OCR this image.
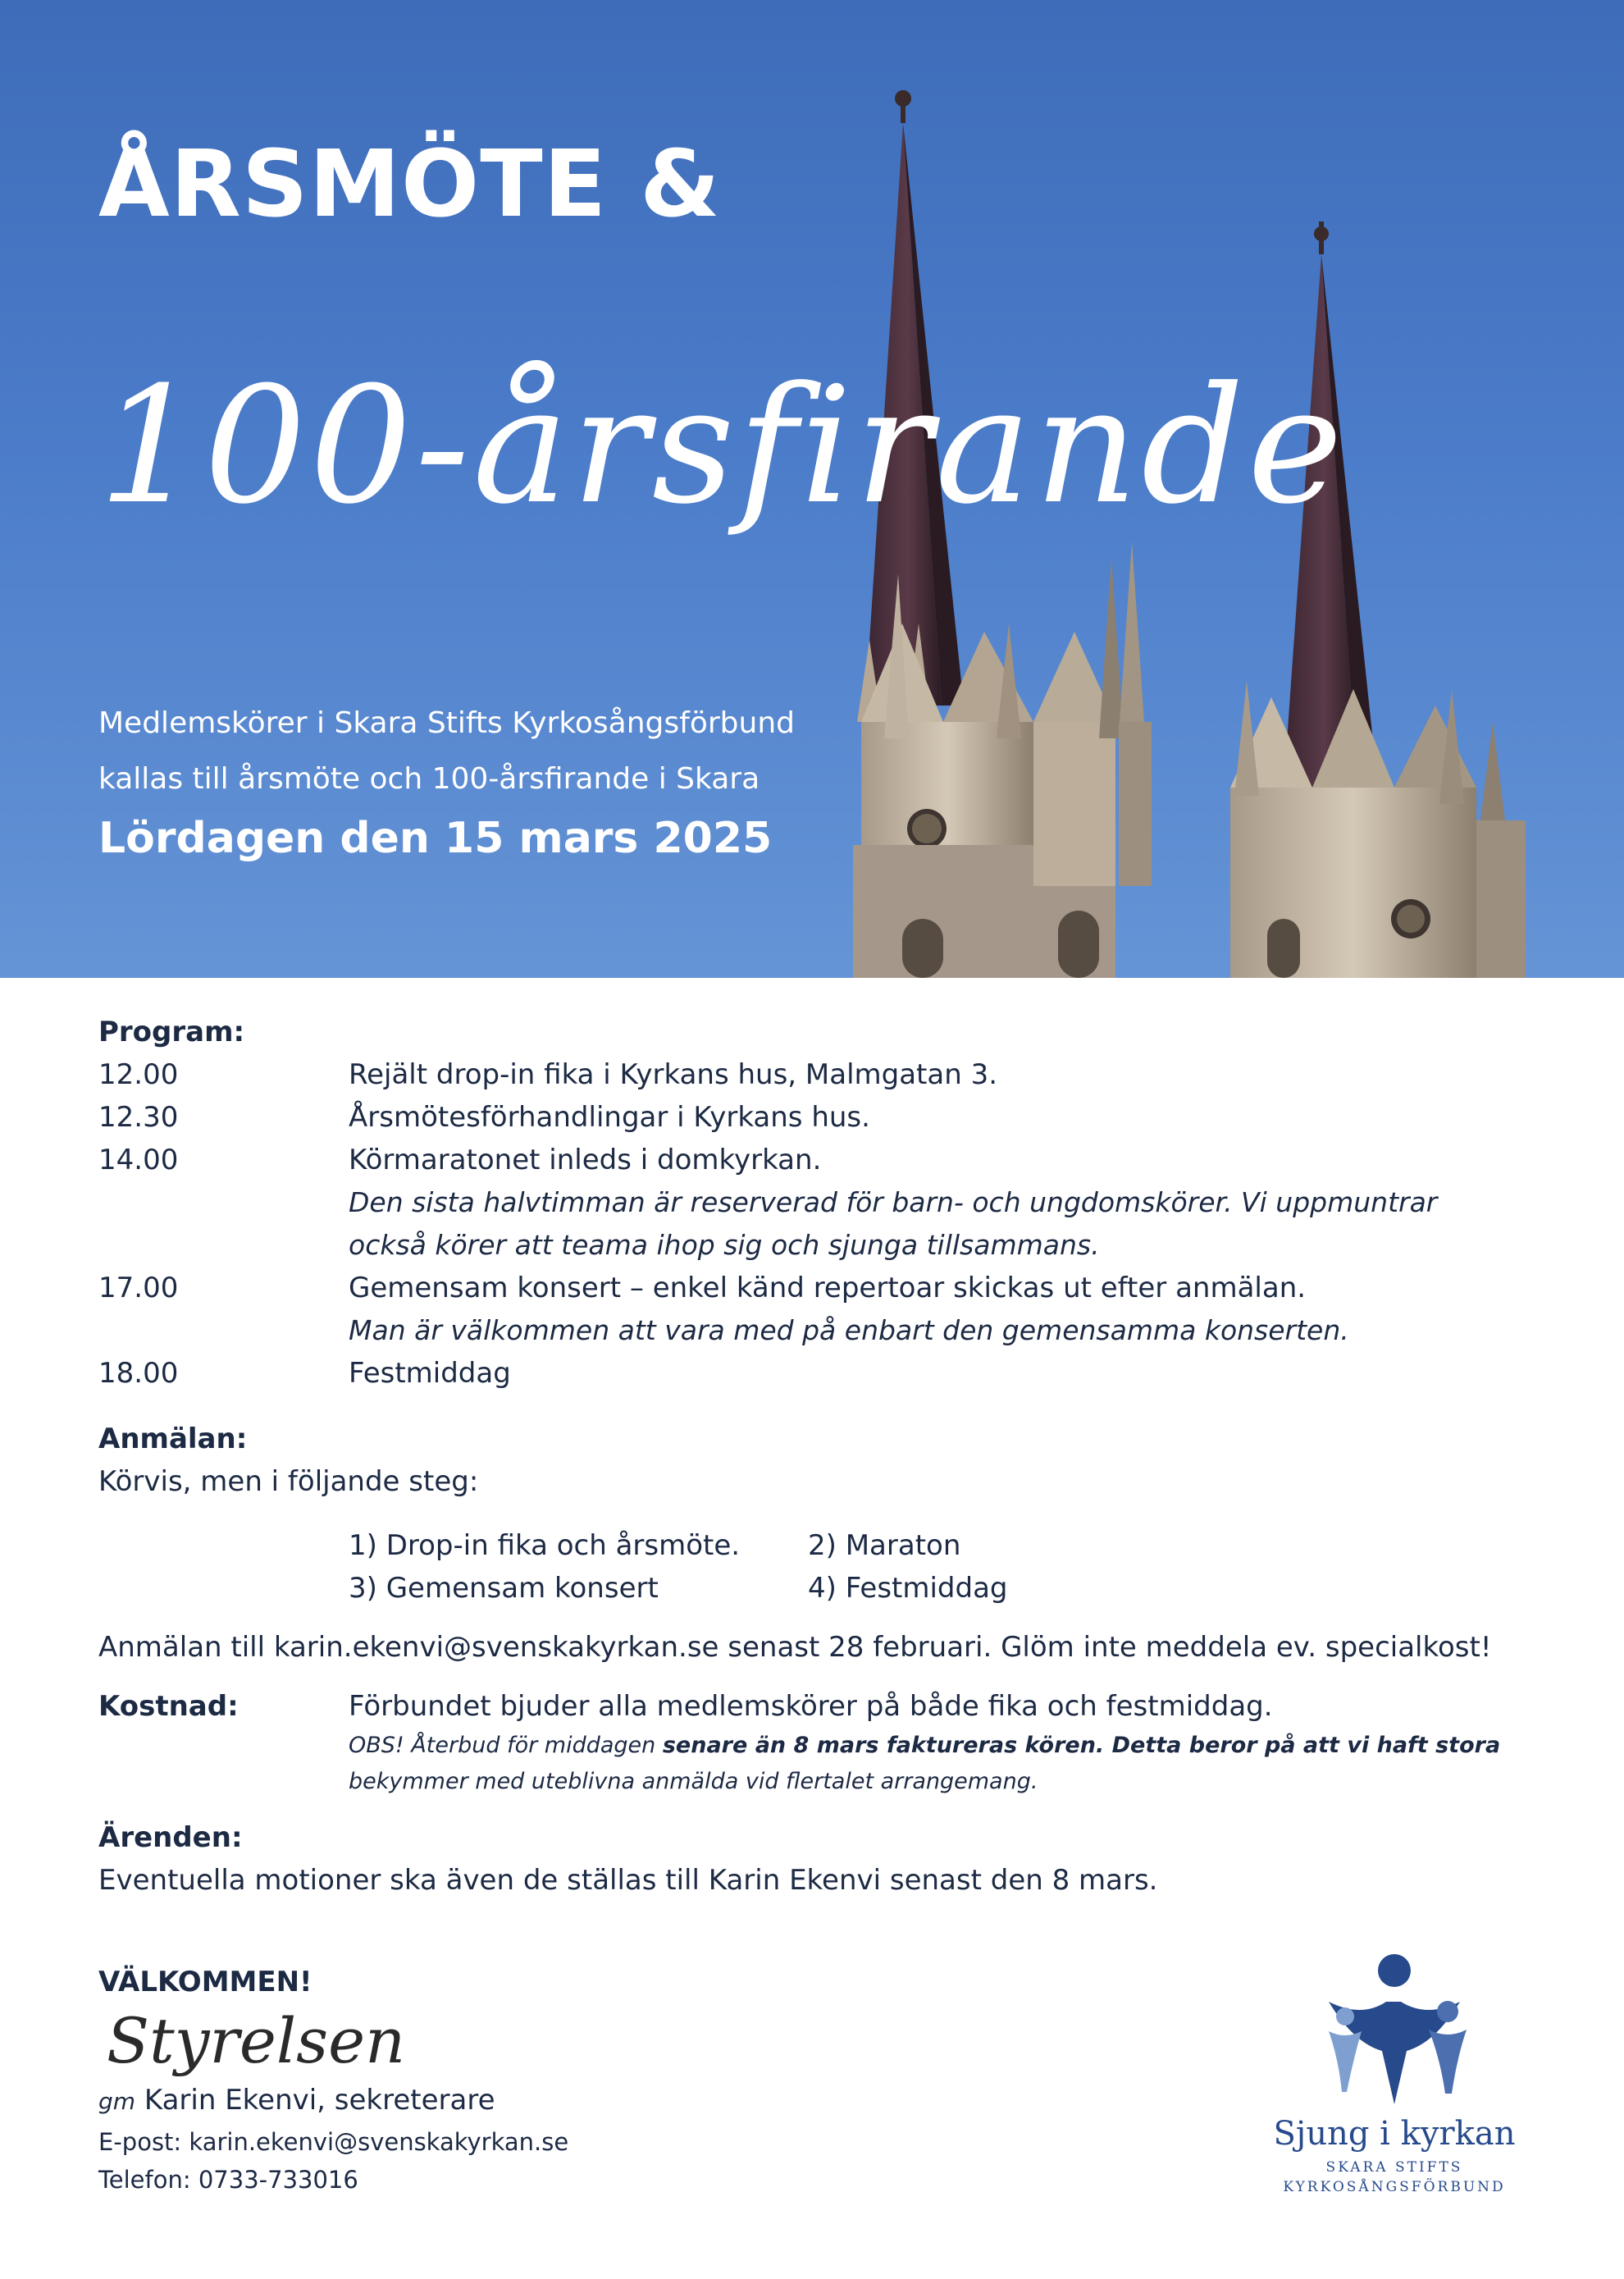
ÅRSMÖTE &
100-årsfirande
Medlemskörer i Skara Stifts Kyrkosångsförbund
kallas till årsmöte och 100-årsfirande i Skara
Lördagen den 15 mars 2025
Program:
12.00	Rejält drop-in fika i Kyrkans hus, Malmgatan 3.
12.30	Årsmötesförhandlingar i Kyrkans hus.
14.00	Körmaratonet inleds i domkyrkan.
Den sista halvtimman är reserverad för barn- och ungdomskörer. Vi uppmuntrar
också körer att teama ihop sig och sjunga tillsammans.
17.00	Gemensam konsert – enkel känd repertoar skickas ut efter anmälan.
Man är välkommen att vara med på enbart den gemensamma konserten.
18.00	Festmiddag
Anmälan:
Körvis, men i följande steg:
1) Drop-in fika och årsmöte.	2) Maraton
3) Gemensam konsert	4) Festmiddag
Anmälan till karin.ekenvi@svenskakyrkan.se senast 28 februari. Glöm inte meddela ev. specialkost!
Kostnad:	Förbundet bjuder alla medlemskörer på både fika och festmiddag.
OBS! Återbud för middagen senare än 8 mars faktureras kören. Detta beror på att vi haft stora
bekymmer med uteblivna anmälda vid flertalet arrangemang.
Ärenden:
Eventuella motioner ska även de ställas till Karin Ekenvi senast den 8 mars.
VÄLKOMMEN!
Styrelsen
gm Karin Ekenvi, sekreterare
E-post: karin.ekenvi@svenskakyrkan.se
Telefon: 0733-733016
Sjung i kyrkan
SKARA STIFTS
KYRKOSÅNGSFÖRBUND
